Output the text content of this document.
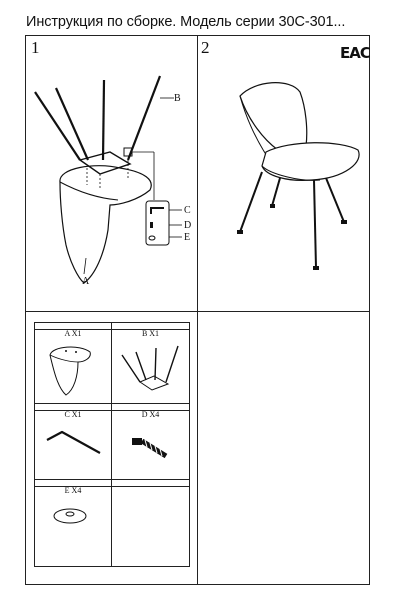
Инструкция по сборке. Модель серии 30С-301...
1
B
A
C
D
E
2	EAC
A X1	B X1
C X1	D X4
E X4
